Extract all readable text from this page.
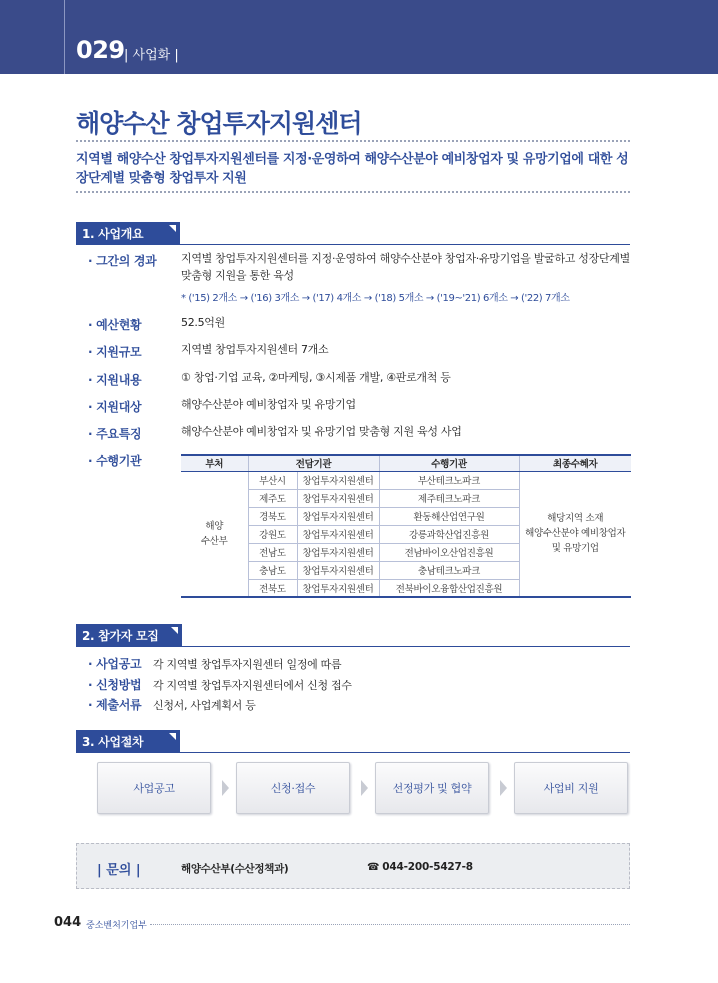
029 | 사업화 |
해양수산 창업투자지원센터
지역별 해양수산 창업투자지원센터를 지정·운영하여 해양수산분야 예비창업자 및 유망기업에 대한 성장단계별 맞춤형 창업투자 지원
1. 사업개요
· 그간의 경과 지역별 창업투자지원센터를 지정·운영하여 해양수산분야 창업자·유망기업을 발굴하고 성장단계별 맞춤형 지원을 통한 육성
* ('15) 2개소 → ('16) 3개소 → ('17) 4개소 → ('18) 5개소 → ('19~'21) 6개소 → ('22) 7개소
· 예산현황	52.5억원
· 지원규모	지역별 창업투자지원센터 7개소
· 지원내용	① 창업·기업 교육, ②마케팅, ③시제품 개발, ④판로개척 등
· 지원대상	해양수산분야 예비창업자 및 유망기업
· 주요특징	해양수산분야 예비창업자 및 유망기업 맞춤형 지원 육성 사업
· 수행기관	부처	전담기관		수행기관	최종수혜자
해양
수산부	부산시	창업투자지원센터	부산테크노파크	해당지역 소재
해양수산분야 예비창업자
및 유망기업
	제주도	창업투자지원센터	제주테크노파크	
	경북도	창업투자지원센터	환동해산업연구원	
	강원도	창업투자지원센터	강릉과학산업진흥원	
	전남도	창업투자지원센터	전남바이오산업진흥원	
	충남도	창업투자지원센터	충남테크노파크	
	전북도	창업투자지원센터	전북바이오융합산업진흥원	
2. 참가자 모집
· 사업공고 각 지역별 창업투자지원센터 일정에 따름
· 신청방법 각 지역별 창업투자지원센터에서 신청 접수
· 제출서류 신청서, 사업계획서 등
3. 사업절차
사업공고	신청·접수	선정평가 및 협약	사업비 지원
| 문의 |	해양수산부(수산정책과)	☎ 044-200-5427-8
044 중소벤처기업부
